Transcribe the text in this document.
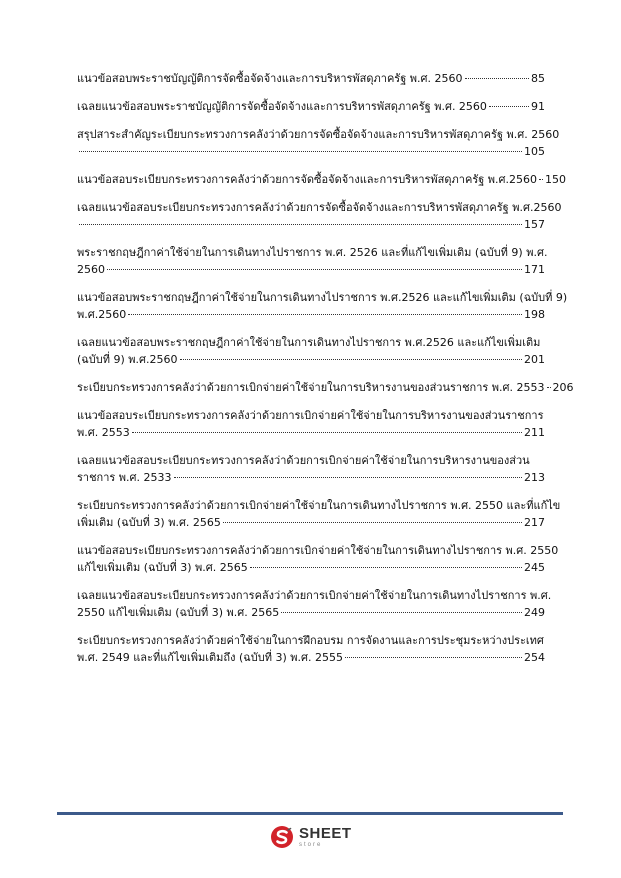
แนวข้อสอบพระราชบัญญัติการจัดซื้อจัดจ้างและการบริหารพัสดุภาครัฐ พ.ศ. 2560	85
เฉลยแนวข้อสอบพระราชบัญญัติการจัดซื้อจัดจ้างและการบริหารพัสดุภาครัฐ พ.ศ. 2560	91
สรุปสาระสำคัญระเบียบกระทรวงการคลังว่าด้วยการจัดซื้อจัดจ้างและการบริหารพัสดุภาครัฐ พ.ศ. 2560
105
แนวข้อสอบระเบียบกระทรวงการคลังว่าด้วยการจัดซื้อจัดจ้างและการบริหารพัสดุภาครัฐ พ.ศ.2560 150
เฉลยแนวข้อสอบระเบียบกระทรวงการคลังว่าด้วยการจัดซื้อจัดจ้างและการบริหารพัสดุภาครัฐ พ.ศ.2560
157
พระราชกฤษฎีกาค่าใช้จ่ายในการเดินทางไปราชการ พ.ศ. 2526 และที่แก้ไขเพิ่มเติม (ฉบับที่ 9) พ.ศ.
2560	171
แนวข้อสอบพระราชกฤษฎีกาค่าใช้จ่ายในการเดินทางไปราชการ พ.ศ.2526 และแก้ไขเพิ่มเติม (ฉบับที่ 9)
พ.ศ.2560	198
เฉลยแนวข้อสอบพระราชกฤษฎีกาค่าใช้จ่ายในการเดินทางไปราชการ พ.ศ.2526 และแก้ไขเพิ่มเติม
(ฉบับที่ 9) พ.ศ.2560	201
ระเบียบกระทรวงการคลังว่าด้วยการเบิกจ่ายค่าใช้จ่ายในการบริหารงานของส่วนราชการ พ.ศ. 2553 206
แนวข้อสอบระเบียบกระทรวงการคลังว่าด้วยการเบิกจ่ายค่าใช้จ่ายในการบริหารงานของส่วนราชการ
พ.ศ. 2553	211
เฉลยแนวข้อสอบระเบียบกระทรวงการคลังว่าด้วยการเบิกจ่ายค่าใช้จ่ายในการบริหารงานของส่วน
ราชการ พ.ศ. 2533	213
ระเบียบกระทรวงการคลังว่าด้วยการเบิกจ่ายค่าใช้จ่ายในการเดินทางไปราชการ พ.ศ. 2550 และที่แก้ไข
เพิ่มเติม (ฉบับที่ 3) พ.ศ. 2565	217
แนวข้อสอบระเบียบกระทรวงการคลังว่าด้วยการเบิกจ่ายค่าใช้จ่ายในการเดินทางไปราชการ พ.ศ. 2550
แก้ไขเพิ่มเติม (ฉบับที่ 3) พ.ศ. 2565	245
เฉลยแนวข้อสอบระเบียบกระทรวงการคลังว่าด้วยการเบิกจ่ายค่าใช้จ่ายในการเดินทางไปราชการ พ.ศ.
2550 แก้ไขเพิ่มเติม (ฉบับที่ 3) พ.ศ. 2565	249
ระเบียบกระทรวงการคลังว่าด้วยค่าใช้จ่ายในการฝึกอบรม การจัดงานและการประชุมระหว่างประเทศ
พ.ศ. 2549 และที่แก้ไขเพิ่มเติมถึง (ฉบับที่ 3) พ.ศ. 2555	254
SHEET
store
